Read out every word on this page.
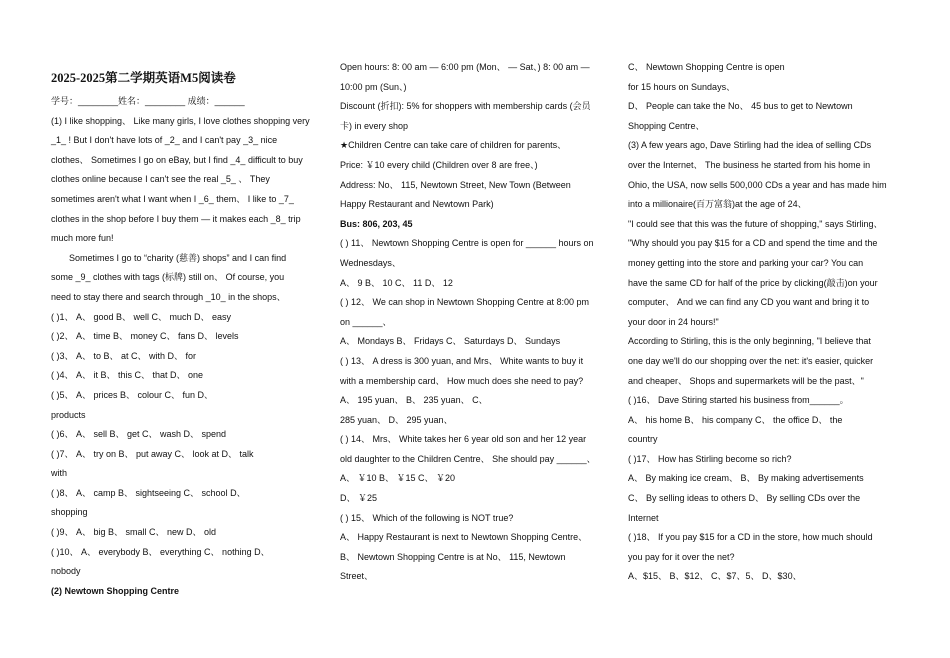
2025-2025第二学期英语M5阅读卷
学号：________姓名：________ 成绩：______
(1) I like shopping、 Like many girls, I love clothes shopping very
_1_ ! But I don't have lots of _2_ and I can't pay _3_ nice
clothes、 Sometimes I go on eBay, but I find _4_ difficult to buy
clothes online because I can't see the real _5_ 、 They
sometimes aren't what I want when I _6_ them、 I like to _7_
clothes in the shop before I buy them — it makes each _8_ trip
much more fun!
Sometimes I go to “charity (慈善) shops” and I can find
some _9_ clothes with tags (标牌) still on、 Of course, you
need to stay there and search through _10_ in the shops、
( )1、 A、 good B、 well C、 much D、 easy
( )2、 A、 time B、 money C、 fans D、 levels
( )3、 A、 to B、 at C、 with D、 for
( )4、 A、 it B、 this C、 that D、 one
( )5、 A、 prices B、 colour C、 fun D、
products
( )6、 A、 sell B、 get C、 wash D、 spend
( )7、 A、 try on B、 put away C、 look at D、 talk
with
( )8、 A、 camp B、 sightseeing C、 school D、
shopping
( )9、 A、 big B、 small C、 new D、 old
( )10、 A、 everybody B、 everything C、 nothing D、
nobody
(2) Newtown Shopping Centre
Open hours: 8: 00 am — 6:00 pm (Mon、 — Sat、) 8: 00 am —
10:00 pm (Sun、)
Discount (折扣): 5% for shoppers with membership cards (会员
卡) in every shop
★Children Centre can take care of children for parents、
Price: ￥10 every child (Children over 8 are free、)
Address: No、 115, Newtown Street, New Town (Between
Happy Restaurant and Newtown Park)
Bus: 806, 203, 45
( ) 11、 Newtown Shopping Centre is open for ______ hours on
Wednesdays、
A、 9 B、 10 C、 11 D、 12
( ) 12、 We can shop in Newtown Shopping Centre at 8:00 pm
on ______、
A、 Mondays B、 Fridays C、 Saturdays D、 Sundays
( ) 13、 A dress is 300 yuan, and Mrs、 White wants to buy it
with a membership card、 How much does she need to pay?
A、 195 yuan、 B、 235 yuan、 C、
285 yuan、 D、 295 yuan、
( ) 14、 Mrs、 White takes her 6 year old son and her 12 year
old daughter to the Children Centre、 She should pay ______、
A、 ￥10 B、 ￥15 C、 ￥20
D、 ￥25
( ) 15、 Which of the following is NOT true?
A、 Happy Restaurant is next to Newtown Shopping Centre、
B、 Newtown Shopping Centre is at No、 115, Newtown
Street、
C、 Newtown Shopping Centre is open
for 15 hours on Sundays、
D、 People can take the No、 45 bus to get to Newtown
Shopping Centre、
(3) A few years ago, Dave Stirling had the idea of selling CDs
over the Internet、 The business he started from his home in
Ohio, the USA, now sells 500,000 CDs a year and has made him
into a millionaire(百万富翁)at the age of 24、
"I could see that this was the future of shopping," says Stirling、
"Why should you pay $15 for a CD and spend the time and the
money getting into the store and parking your car? You can
have the same CD for half of the price by clicking(敲击)on your
computer、 And we can find any CD you want and bring it to
your door in 24 hours!"
According to Stirling, this is the only beginning, "I believe that
one day we'll do our shopping over the net: it's easier, quicker
and cheaper、 Shops and supermarkets will be the past、"
( )16、 Dave Stiring started his business from______。
A、 his home B、 his company C、 the office D、 the
country
( )17、 How has Stirling become so rich?
A、 By making ice cream、 B、 By making advertisements
C、 By selling ideas to others D、 By selling CDs over the
Internet
( )18、 If you pay $15 for a CD in the store, how much should
you pay for it over the net?
A、$15、 B、$12、 C、$7、5、 D、$30、
